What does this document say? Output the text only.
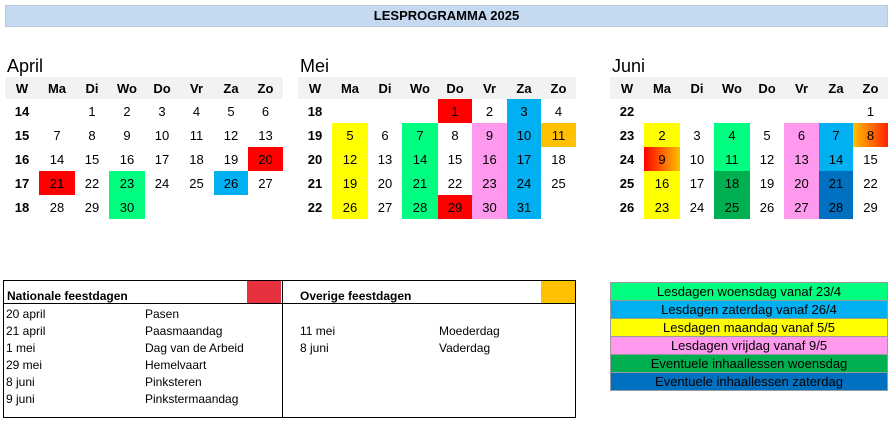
LESPROGRAMMA 2025
April
W	Ma	Di	Wo	Do	Vr	Za	Zo
14		1	2	3	4	5	6
15	7	8	9	10	11	12	13
16	14	15	16	17	18	19	20
17	21	22	23	24	25	26	27
18	28	29	30				
Mei
W	Ma	Di	Wo	Do	Vr	Za	Zo
18				1	2	3	4
19	5	6	7	8	9	10	11
20	12	13	14	15	16	17	18
21	19	20	21	22	23	24	25
22	26	27	28	29	30	31	
Juni
W	Ma	Di	Wo	Do	Vr	Za	Zo
22							1
23	2	3	4	5	6	7	8
24	9	10	11	12	13	14	15
25	16	17	18	19	20	21	22
26	23	24	25	26	27	28	29
Nationale feestdagen	Overige feestdagen
20 april	Pasen
21 april	Paasmaandag
1 mei	Dag van de Arbeid
29 mei	Hemelvaart
8 juni	Pinksteren
9 juni	Pinkstermaandag
11 mei	Moederdag
8 juni	Vaderdag
Lesdagen woensdag vanaf 23/4
Lesdagen zaterdag vanaf 26/4
Lesdagen maandag vanaf 5/5
Lesdagen vrijdag vanaf 9/5
Eventuele inhaallessen woensdag
Eventuele inhaallessen zaterdag
